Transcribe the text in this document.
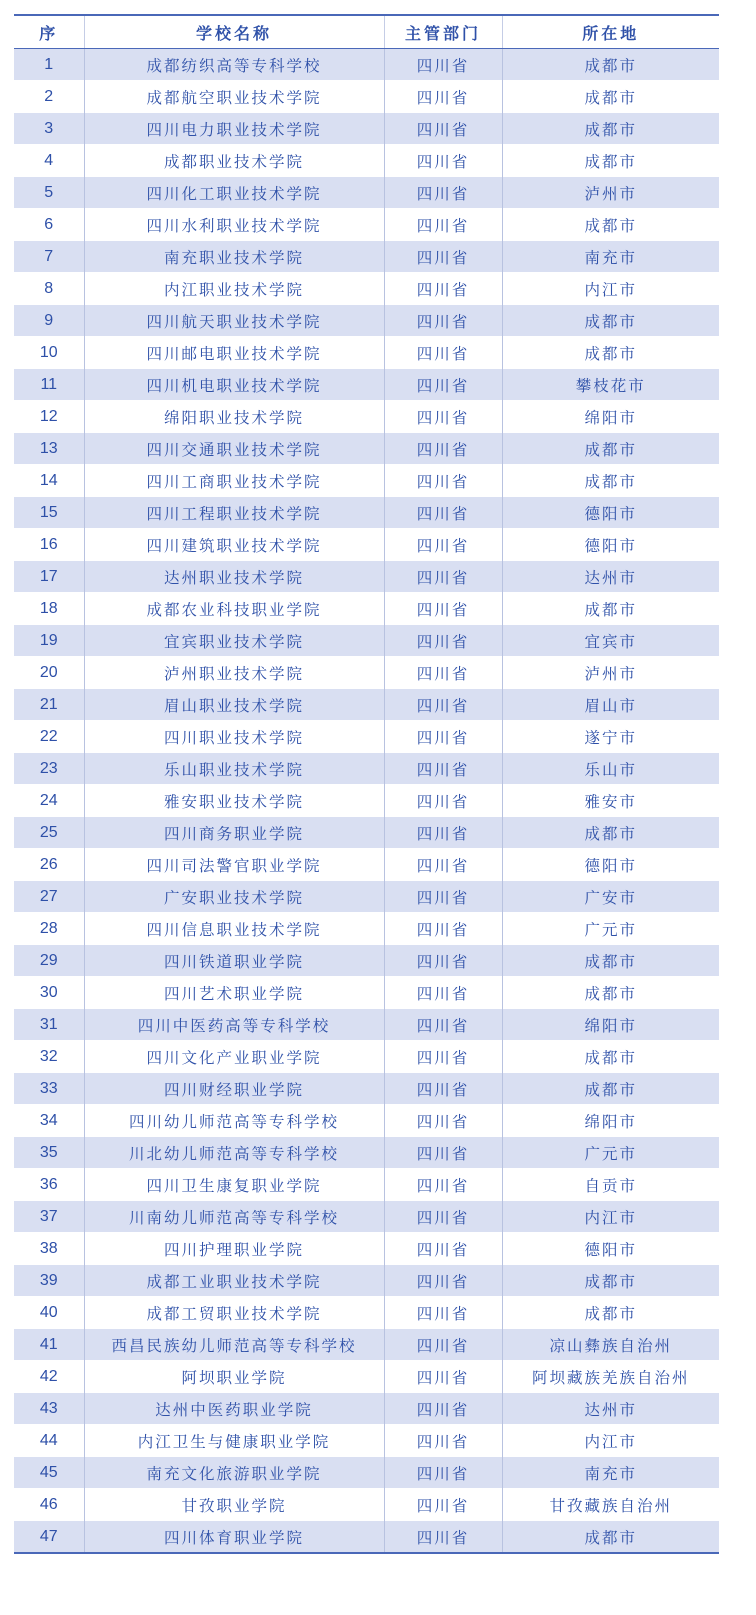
序	学校名称	主管部门	所在地
1	成都纺织高等专科学校	四川省	成都市
2	成都航空职业技术学院	四川省	成都市
3	四川电力职业技术学院	四川省	成都市
4	成都职业技术学院	四川省	成都市
5	四川化工职业技术学院	四川省	泸州市
6	四川水利职业技术学院	四川省	成都市
7	南充职业技术学院	四川省	南充市
8	内江职业技术学院	四川省	内江市
9	四川航天职业技术学院	四川省	成都市
10	四川邮电职业技术学院	四川省	成都市
11	四川机电职业技术学院	四川省	攀枝花市
12	绵阳职业技术学院	四川省	绵阳市
13	四川交通职业技术学院	四川省	成都市
14	四川工商职业技术学院	四川省	成都市
15	四川工程职业技术学院	四川省	德阳市
16	四川建筑职业技术学院	四川省	德阳市
17	达州职业技术学院	四川省	达州市
18	成都农业科技职业学院	四川省	成都市
19	宜宾职业技术学院	四川省	宜宾市
20	泸州职业技术学院	四川省	泸州市
21	眉山职业技术学院	四川省	眉山市
22	四川职业技术学院	四川省	遂宁市
23	乐山职业技术学院	四川省	乐山市
24	雅安职业技术学院	四川省	雅安市
25	四川商务职业学院	四川省	成都市
26	四川司法警官职业学院	四川省	德阳市
27	广安职业技术学院	四川省	广安市
28	四川信息职业技术学院	四川省	广元市
29	四川铁道职业学院	四川省	成都市
30	四川艺术职业学院	四川省	成都市
31	四川中医药高等专科学校	四川省	绵阳市
32	四川文化产业职业学院	四川省	成都市
33	四川财经职业学院	四川省	成都市
34	四川幼儿师范高等专科学校	四川省	绵阳市
35	川北幼儿师范高等专科学校	四川省	广元市
36	四川卫生康复职业学院	四川省	自贡市
37	川南幼儿师范高等专科学校	四川省	内江市
38	四川护理职业学院	四川省	德阳市
39	成都工业职业技术学院	四川省	成都市
40	成都工贸职业技术学院	四川省	成都市
41	西昌民族幼儿师范高等专科学校	四川省	凉山彝族自治州
42	阿坝职业学院	四川省	阿坝藏族羌族自治州
43	达州中医药职业学院	四川省	达州市
44	内江卫生与健康职业学院	四川省	内江市
45	南充文化旅游职业学院	四川省	南充市
46	甘孜职业学院	四川省	甘孜藏族自治州
47	四川体育职业学院	四川省	成都市
